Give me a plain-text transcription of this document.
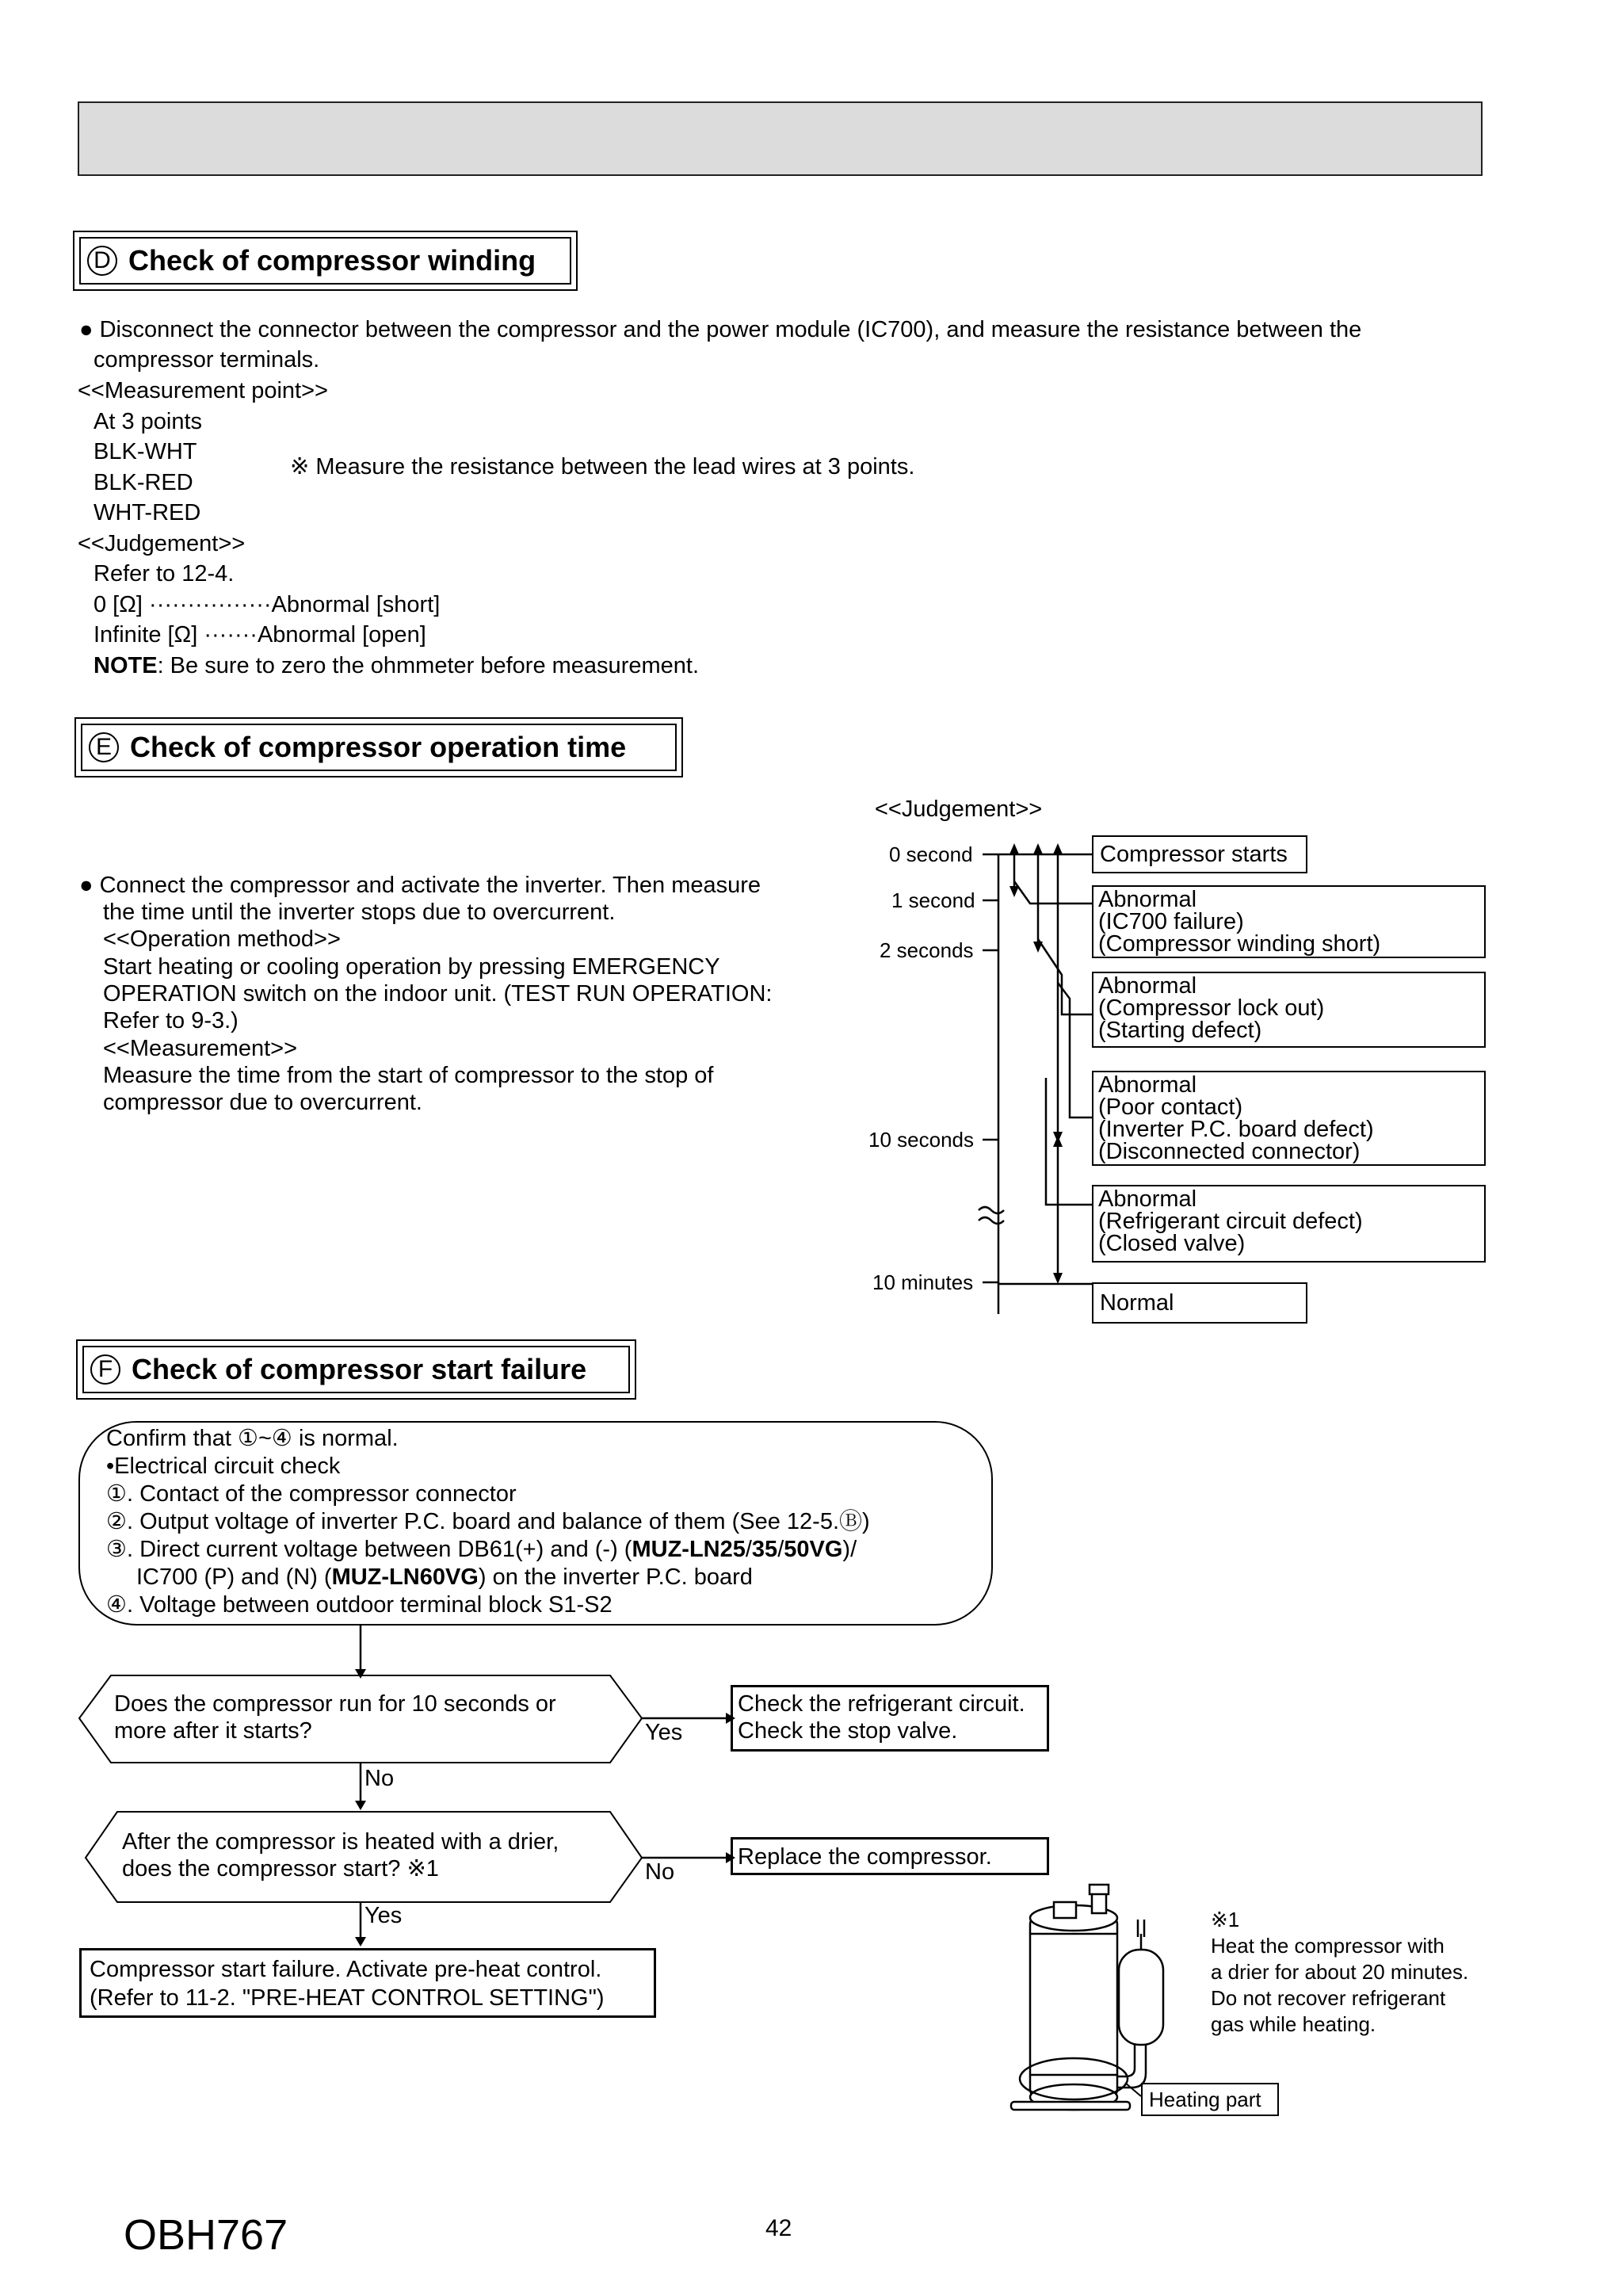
D Check of compressor winding
● Disconnect the connector between the compressor and the power module (IC700), and measure the resistance between the
compressor terminals.
<<Measurement point>>
At 3 points
BLK-WHT
BLK-RED
WHT-RED
※ Measure the resistance between the lead wires at 3 points.
<<Judgement>>
Refer to 12-4.
0 [Ω] ················Abnormal [short]
Infinite [Ω] ·······Abnormal [open]
NOTE: Be sure to zero the ohmmeter before measurement.
E Check of compressor operation time
● Connect the compressor and activate the inverter. Then measure
the time until the inverter stops due to overcurrent.
<<Operation method>>
Start heating or cooling operation by pressing EMERGENCY
OPERATION switch on the indoor unit. (TEST RUN OPERATION:
Refer to 9-3.)
<<Measurement>>
Measure the time from the start of compressor to the stop of
compressor due to overcurrent.
<<Judgement>>
0 second
1 second
2 seconds
10 seconds
10 minutes
Compressor starts
Abnormal
(IC700 failure)
(Compressor winding short)
Abnormal
(Compressor lock out)
(Starting defect)
Abnormal
(Poor contact)
(Inverter P.C. board defect)
(Disconnected connector)
Abnormal
(Refrigerant circuit defect)
(Closed valve)
Normal
F Check of compressor start failure
Confirm that ①~④ is normal.
•Electrical circuit check
①. Contact of the compressor connector
②. Output voltage of inverter P.C. board and balance of them (See 12-5.Ⓑ)
③. Direct current voltage between DB61(+) and (-) (MUZ-LN25/35/50VG)/
IC700 (P) and (N) (MUZ-LN60VG) on the inverter P.C. board
④. Voltage between outdoor terminal block S1-S2
Does the compressor run for 10 seconds or
more after it starts?	Yes
No
Check the refrigerant circuit.
Check the stop valve.
After the compressor is heated with a drier,
does the compressor start? ※1	No
Yes
Replace the compressor.
Compressor start failure. Activate pre-heat control.
(Refer to 11-2. "PRE-HEAT CONTROL SETTING")
Heating part
※1
Heat the compressor with
a drier for about 20 minutes.
Do not recover refrigerant
gas while heating.
OBH767	42
